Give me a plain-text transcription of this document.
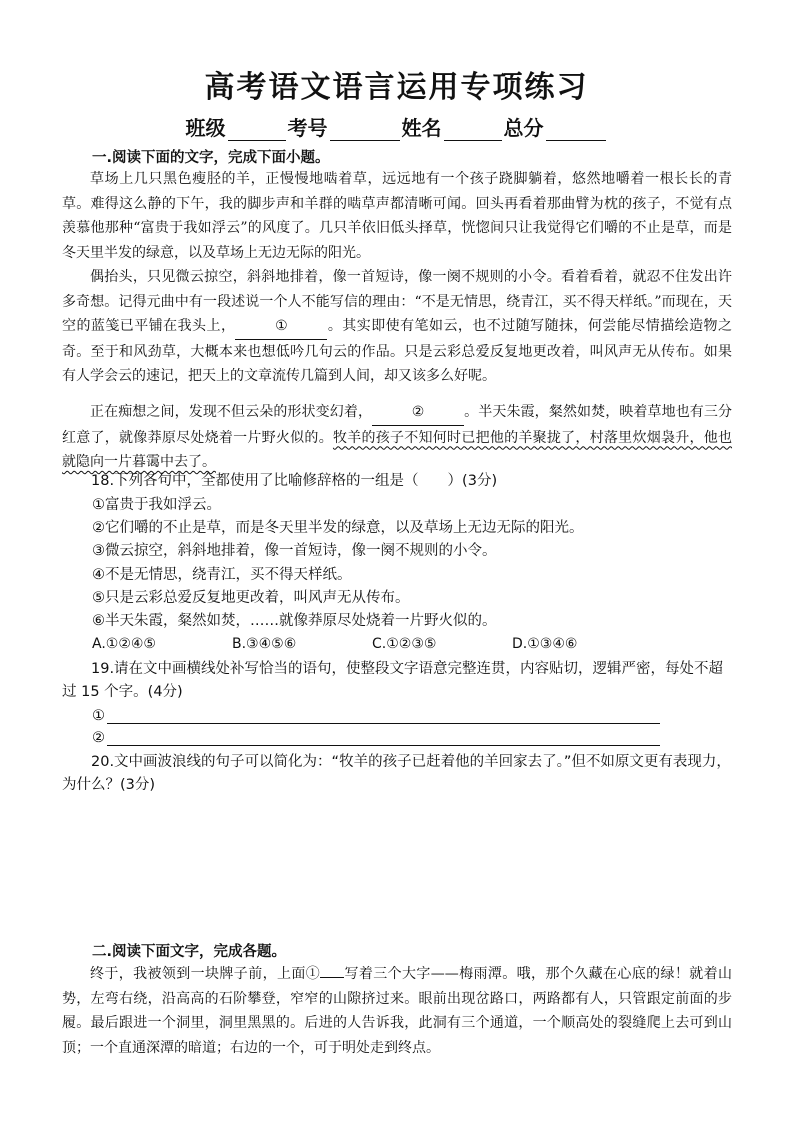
高考语文语言运用专项练习
班级	考号	姓名	总分
一.阅读下面的文字，完成下面小题。

草场上几只黑色瘦胫的羊，正慢慢地啮着草，远远地有一个孩子跷脚躺着，悠然地嚼着一根长长的青草。难得这么静的下午，我的脚步声和羊群的啮草声都清晰可闻。回头再看着那曲臂为枕的孩子，不觉有点羡慕他那种“富贵于我如浮云”的风度了。几只羊依旧低头择草，恍惚间只让我觉得它们嚼的不止是草，而是冬天里半发的绿意，以及草场上无边无际的阳光。

偶抬头，只见微云掠空，斜斜地排着，像一首短诗，像一阕不规则的小令。看着看着，就忍不住发出许多奇想。记得元曲中有一段述说一个人不能写信的理由：“不是无情思，绕青江，买不得天样纸。”而现在，天空的蓝笺已平铺在我头上，	①	。其实即使有笔如云，也不过随写随抹，何尝能尽情描绘造物之奇。至于和风劲草，大概本来也想低吟几句云的作品。只是云彩总爱反复地更改着，叫风声无从传布。如果有人学会云的速记，把天上的文章流传几篇到人间，却又该多么好呢。

正在痴想之间，发现不但云朵的形状变幻着，	②	。半天朱霞，粲然如焚，映着草地也有三分红意了，就像莽原尽处烧着一片野火似的。牧羊的孩子不知何时已把他的羊聚拢了，村落里炊烟袅升，他也就隐向一片暮霭中去了。

18.下列各句中，全都使用了比喻修辞格的一组是（　　）(3分)

①富贵于我如浮云。

②它们嚼的不止是草，而是冬天里半发的绿意，以及草场上无边无际的阳光。

③微云掠空，斜斜地排着，像一首短诗，像一阕不规则的小令。

④不是无情思，绕青江，买不得天样纸。

⑤只是云彩总爱反复地更改着，叫风声无从传布。

⑥半天朱霞，粲然如焚，……就像莽原尽处烧着一片野火似的。

A.①②④⑤	B.③④⑤⑥	C.①②③⑤	D.①③④⑥

19.请在文中画横线处补写恰当的语句，使整段文字语意完整连贯，内容贴切，逻辑严密，每处不超过 15 个字。(4分)

①
②

20.文中画波浪线的句子可以简化为：“牧羊的孩子已赶着他的羊回家去了。”但不如原文更有表现力，为什么？(3分)

二.阅读下面文字，完成各题。

终于，我被领到一块牌子前，上面① 写着三个大字——梅雨潭。哦，那个久藏在心底的绿！就着山势，左弯右绕，沿高高的石阶攀登，窄窄的山隙挤过来。眼前出现岔路口，两路都有人，只管跟定前面的步履。最后跟进一个洞里，洞里黑黑的。后进的人告诉我，此洞有三个通道，一个顺高处的裂缝爬上去可到山顶；一个直通深潭的暗道；右边的一个，可于明处走到终点。
